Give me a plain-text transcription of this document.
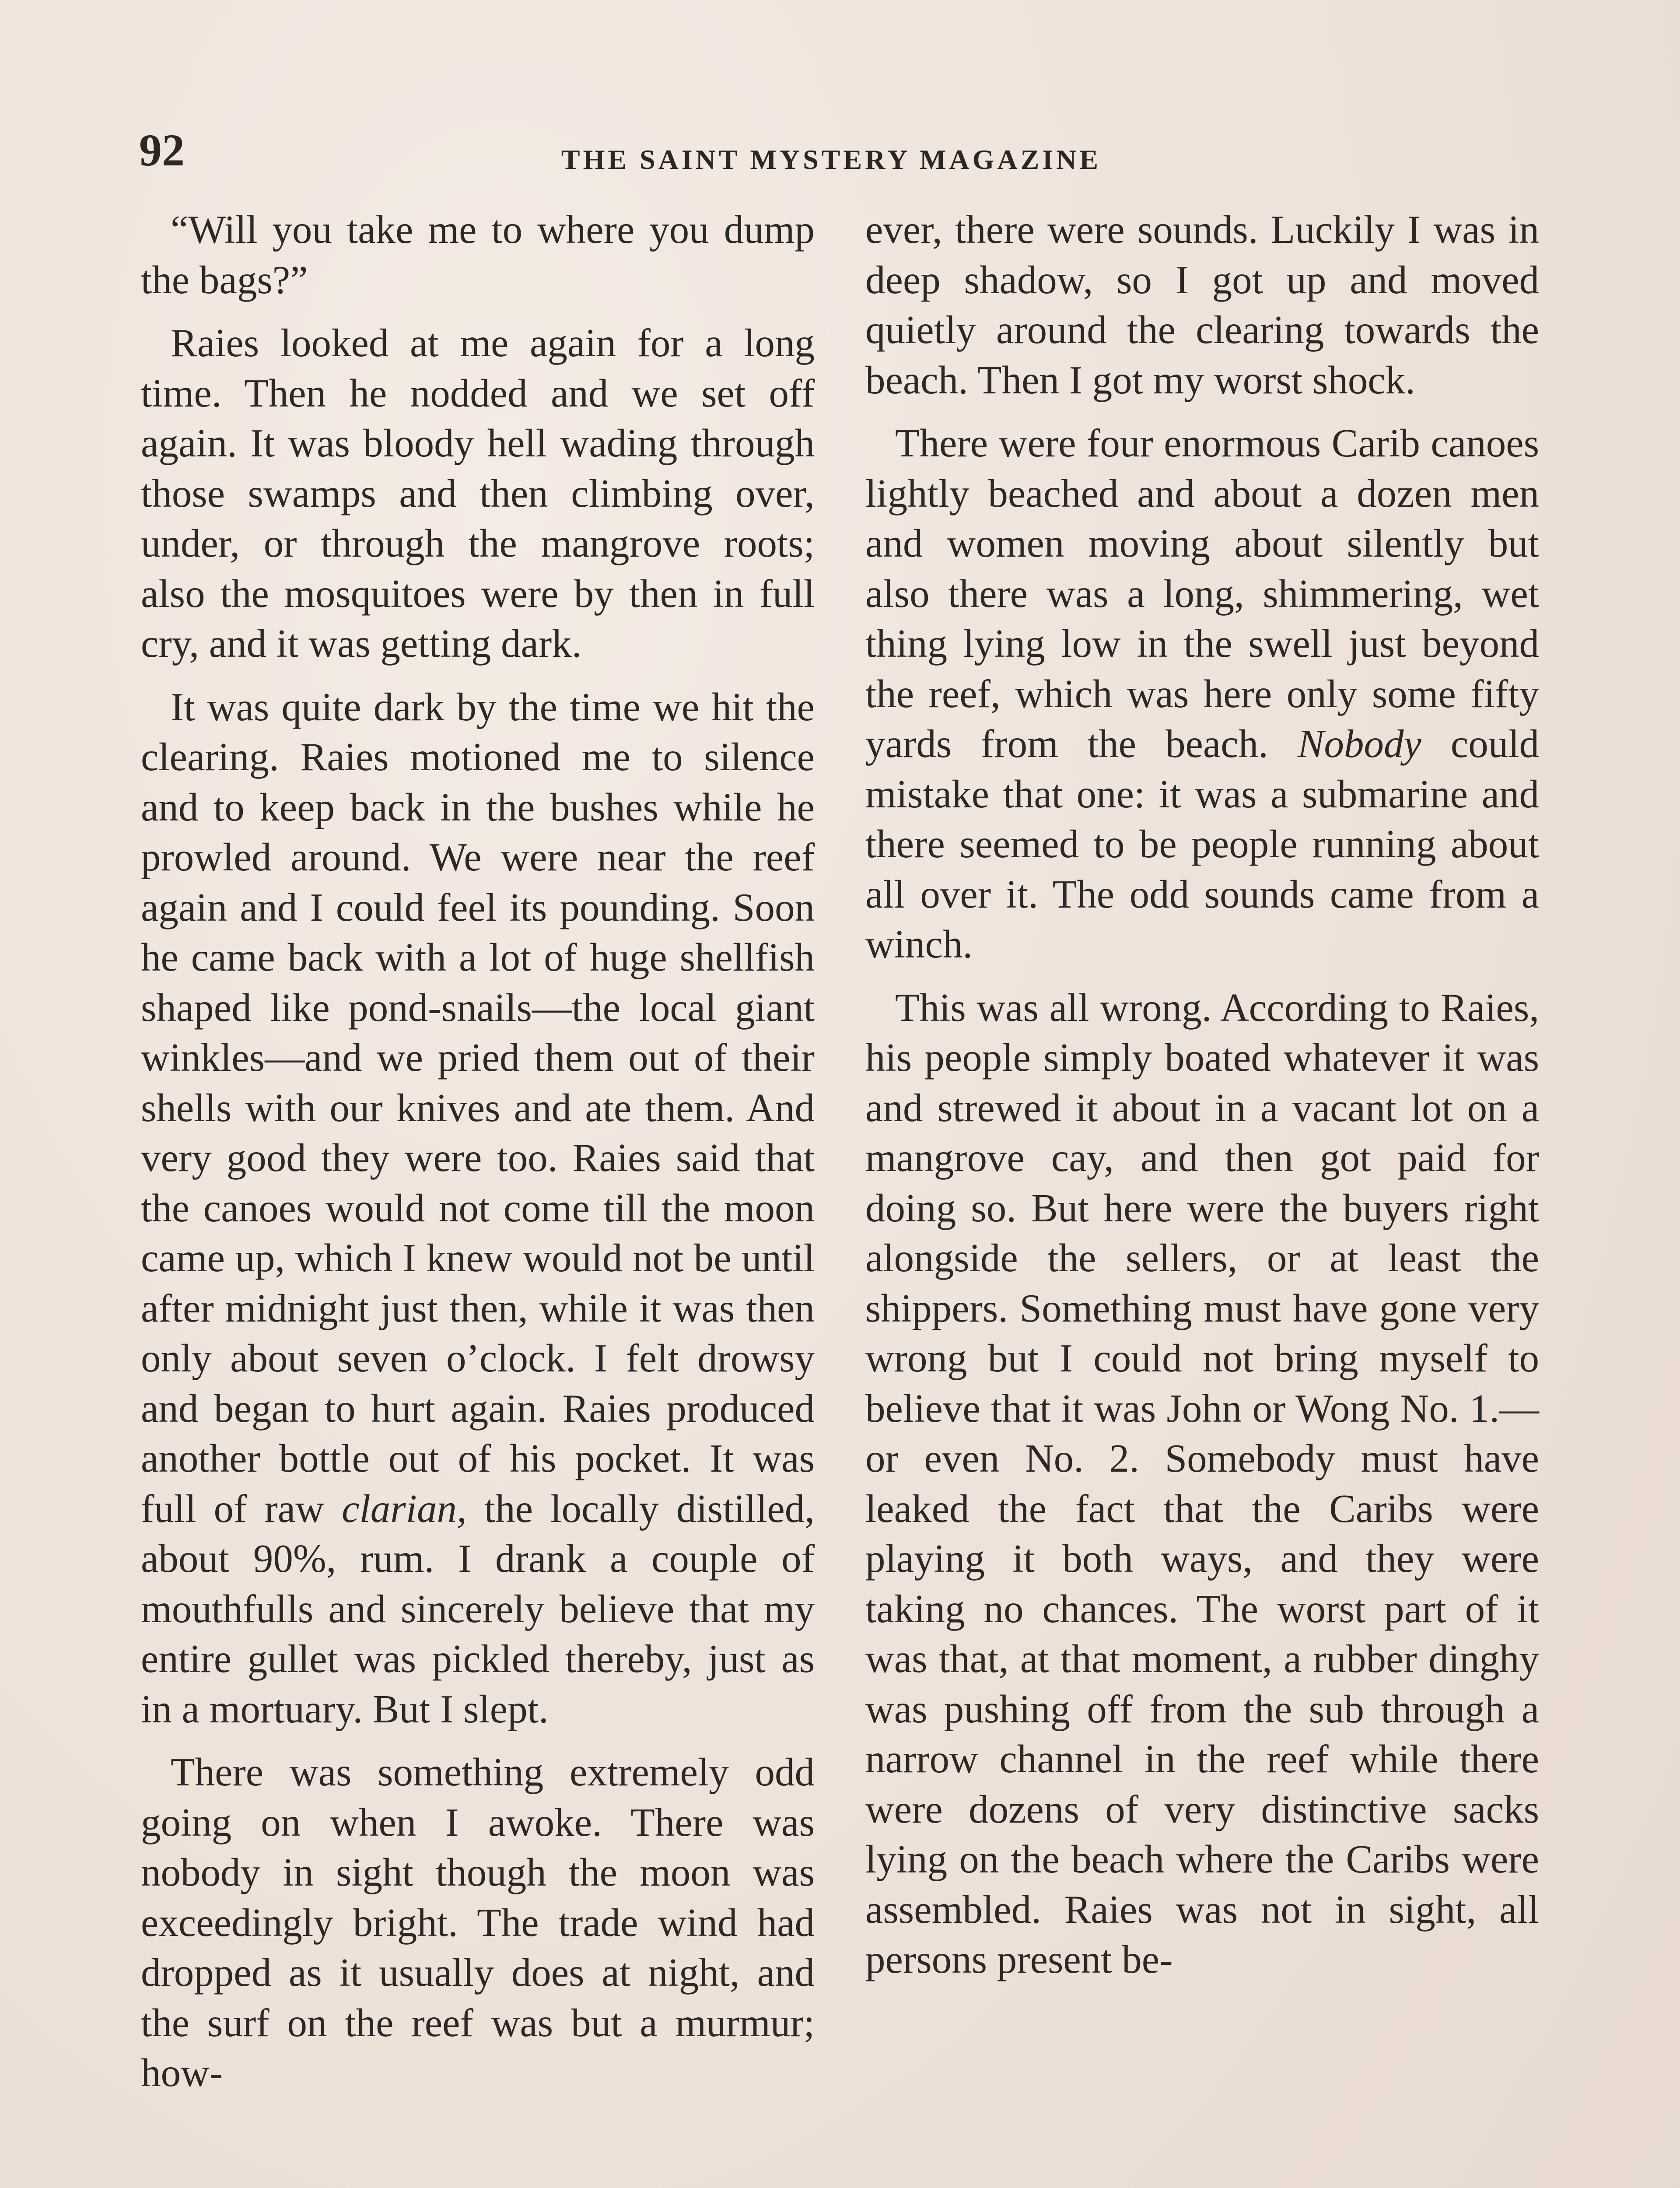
92	THE SAINT MYSTERY MAGAZINE

“Will you take me to where you dump the bags?”

Raies looked at me again for a long time. Then he nodded and we set off again. It was bloody hell wading through those swamps and then climbing over, under, or through the mangrove roots; also the mosquitoes were by then in full cry, and it was getting dark.

It was quite dark by the time we hit the clearing. Raies motioned me to silence and to keep back in the bushes while he prowled around. We were near the reef again and I could feel its pounding. Soon he came back with a lot of huge shellfish shaped like pond-snails—the local giant winkles—and we pried them out of their shells with our knives and ate them. And very good they were too. Raies said that the canoes would not come till the moon came up, which I knew would not be until after midnight just then, while it was then only about seven o’clock. I felt drowsy and began to hurt again. Raies produced another bottle out of his pocket. It was full of raw clarian, the locally distilled, about 90%, rum. I drank a couple of mouthfulls and sincerely believe that my entire gullet was pickled thereby, just as in a mortuary. But I slept.

There was something extremely odd going on when I awoke. There was nobody in sight though the moon was exceedingly bright. The trade wind had dropped as it usually does at night, and the surf on the reef was but a murmur; how-

ever, there were sounds. Luckily I was in deep shadow, so I got up and moved quietly around the clearing towards the beach. Then I got my worst shock.

There were four enormous Carib canoes lightly beached and about a dozen men and women moving about silently but also there was a long, shimmering, wet thing lying low in the swell just beyond the reef, which was here only some fifty yards from the beach. Nobody could mistake that one: it was a submarine and there seemed to be people running about all over it. The odd sounds came from a winch.

This was all wrong. According to Raies, his people simply boated whatever it was and strewed it about in a vacant lot on a mangrove cay, and then got paid for doing so. But here were the buyers right alongside the sellers, or at least the shippers. Something must have gone very wrong but I could not bring myself to believe that it was John or Wong No. 1.—or even No. 2. Somebody must have leaked the fact that the Caribs were playing it both ways, and they were taking no chances. The worst part of it was that, at that moment, a rubber dinghy was pushing off from the sub through a narrow channel in the reef while there were dozens of very distinctive sacks lying on the beach where the Caribs were assembled. Raies was not in sight, all persons present be-
